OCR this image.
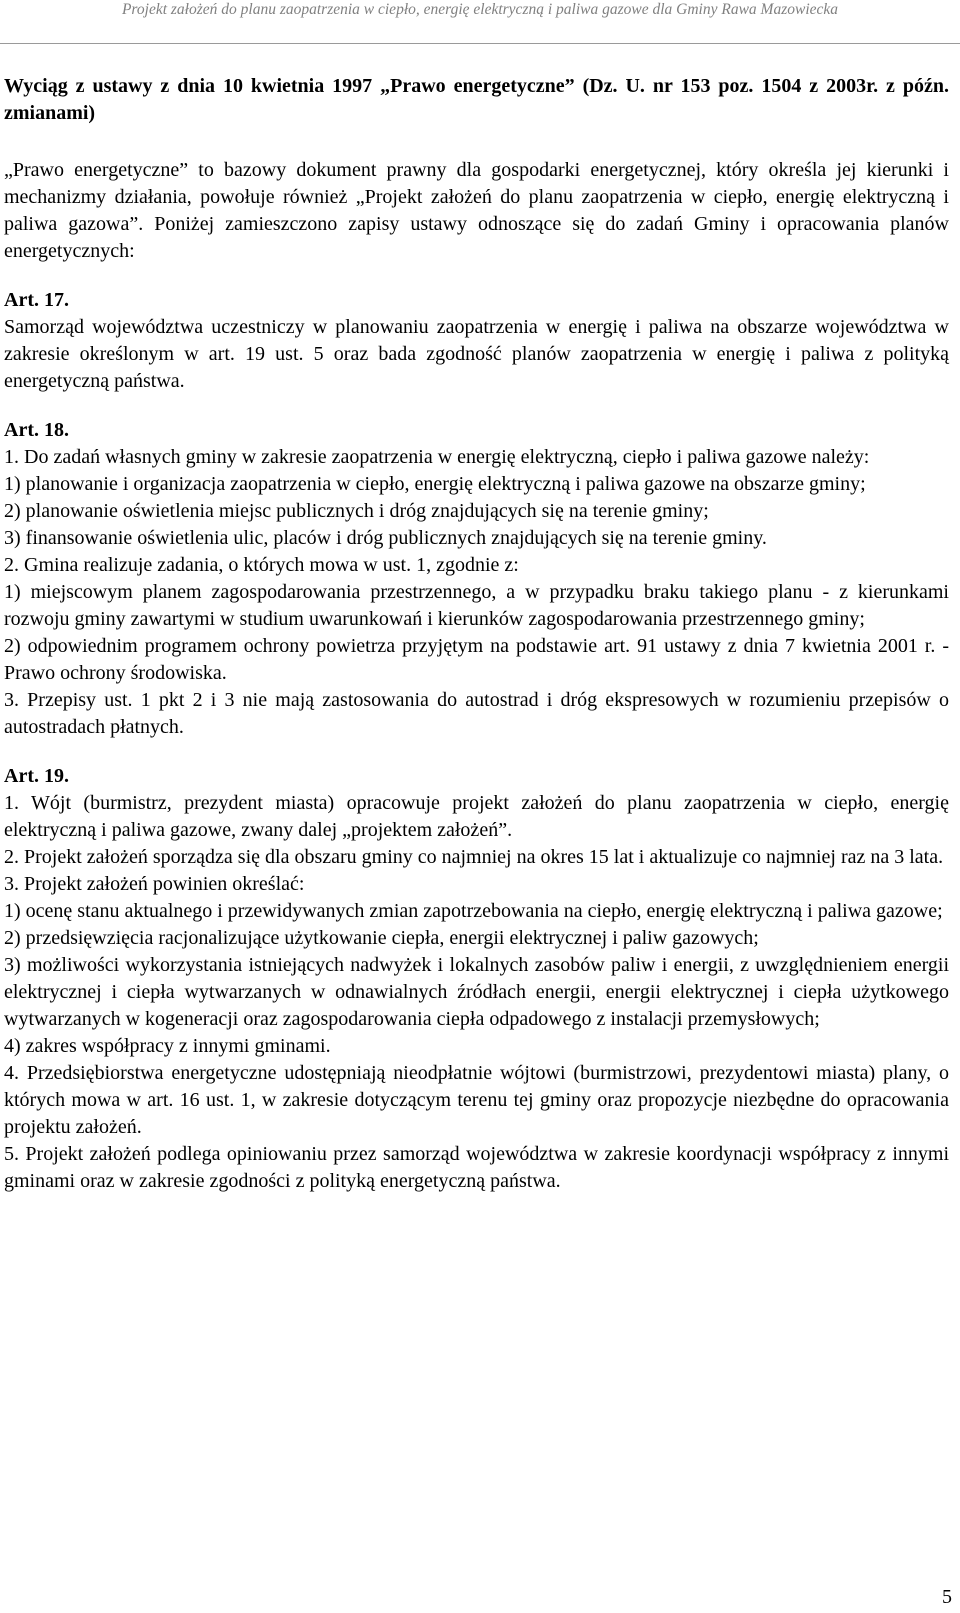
Projekt założeń do planu zaopatrzenia w ciepło, energię elektryczną i paliwa gazowe dla Gminy Rawa Mazowiecka

Wyciąg z ustawy z dnia 10 kwietnia 1997 „Prawo energetyczne” (Dz. U. nr 153 poz. 1504 z 2003r. z późn. zmianami)

„Prawo energetyczne” to bazowy dokument prawny dla gospodarki energetycznej, który określa jej kierunki i mechanizmy działania, powołuje również „Projekt założeń do planu zaopatrzenia w ciepło, energię elektryczną i paliwa gazowa”. Poniżej zamieszczono zapisy ustawy odnoszące się do zadań Gminy i opracowania planów energetycznych:

Art. 17.

Samorząd województwa uczestniczy w planowaniu zaopatrzenia w energię i paliwa na obszarze województwa w zakresie określonym w art. 19 ust. 5 oraz bada zgodność planów zaopatrzenia w energię i paliwa z polityką energetyczną państwa.

Art. 18.

1. Do zadań własnych gminy w zakresie zaopatrzenia w energię elektryczną, ciepło i paliwa gazowe należy:

1) planowanie i organizacja zaopatrzenia w ciepło, energię elektryczną i paliwa gazowe na obszarze gminy;

2) planowanie oświetlenia miejsc publicznych i dróg znajdujących się na terenie gminy;

3) finansowanie oświetlenia ulic, placów i dróg publicznych znajdujących się na terenie gminy.

2. Gmina realizuje zadania, o których mowa w ust. 1, zgodnie z:

1) miejscowym planem zagospodarowania przestrzennego, a w przypadku braku takiego planu - z kierunkami rozwoju gminy zawartymi w studium uwarunkowań i kierunków zagospodarowania przestrzennego gminy;

2) odpowiednim programem ochrony powietrza przyjętym na podstawie art. 91 ustawy z dnia 7 kwietnia 2001 r. - Prawo ochrony środowiska.

3. Przepisy ust. 1 pkt 2 i 3 nie mają zastosowania do autostrad i dróg ekspresowych w rozumieniu przepisów o autostradach płatnych.

Art. 19.

1. Wójt (burmistrz, prezydent miasta) opracowuje projekt założeń do planu zaopatrzenia w ciepło, energię elektryczną i paliwa gazowe, zwany dalej „projektem założeń”.

2. Projekt założeń sporządza się dla obszaru gminy co najmniej na okres 15 lat i aktualizuje co najmniej raz na 3 lata.

3. Projekt założeń powinien określać:

1) ocenę stanu aktualnego i przewidywanych zmian zapotrzebowania na ciepło, energię elektryczną i paliwa gazowe;

2) przedsięwzięcia racjonalizujące użytkowanie ciepła, energii elektrycznej i paliw gazowych;

3) możliwości wykorzystania istniejących nadwyżek i lokalnych zasobów paliw i energii, z uwzględnieniem energii elektrycznej i ciepła wytwarzanych w odnawialnych źródłach energii, energii elektrycznej i ciepła użytkowego wytwarzanych w kogeneracji oraz zagospodarowania ciepła odpadowego z instalacji przemysłowych;

4) zakres współpracy z innymi gminami.

4. Przedsiębiorstwa energetyczne udostępniają nieodpłatnie wójtowi (burmistrzowi, prezydentowi miasta) plany, o których mowa w art. 16 ust. 1, w zakresie dotyczącym terenu tej gminy oraz propozycje niezbędne do opracowania projektu założeń.

5. Projekt założeń podlega opiniowaniu przez samorząd województwa w zakresie koordynacji współpracy z innymi gminami oraz w zakresie zgodności z polityką energetyczną państwa.

5
